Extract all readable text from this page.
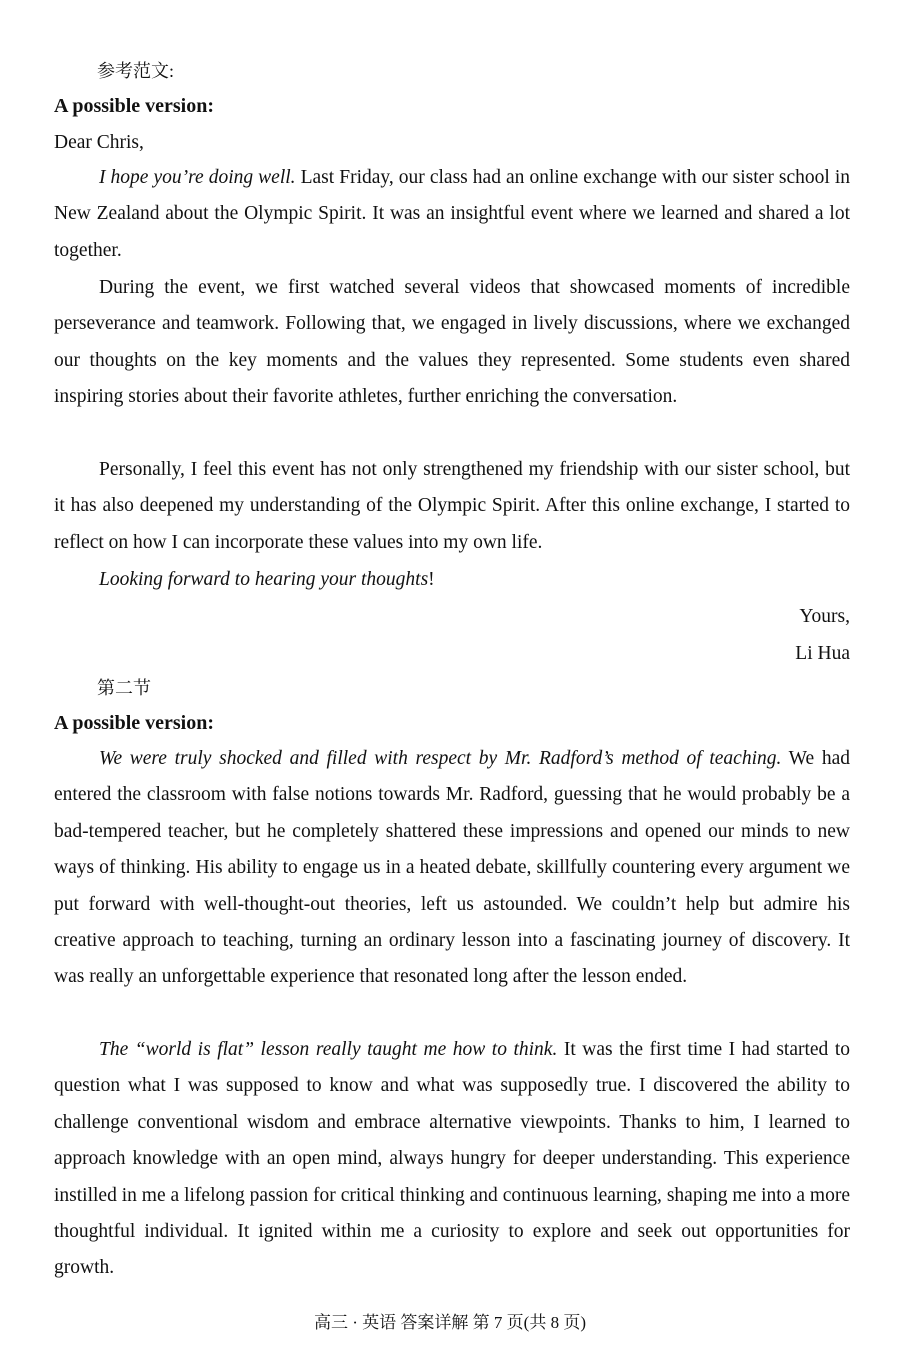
参考范文:
A possible version:
Dear Chris,
I hope you’re doing well. Last Friday, our class had an online exchange with our sister school in New Zealand about the Olympic Spirit. It was an insightful event where we learned and shared a lot together.
During the event, we first watched several videos that showcased moments of incredible perseverance and teamwork. Following that, we engaged in lively discussions, where we exchanged our thoughts on the key moments and the values they represented. Some students even shared inspiring stories about their favorite athletes, further enriching the conversation.
Personally, I feel this event has not only strengthened my friendship with our sister school, but it has also deepened my understanding of the Olympic Spirit. After this online exchange, I started to reflect on how I can incorporate these values into my own life.
Looking forward to hearing your thoughts!
Yours,
Li Hua
第二节
A possible version:
We were truly shocked and filled with respect by Mr. Radford’s method of teaching. We had entered the classroom with false notions towards Mr. Radford, guessing that he would probably be a bad-tempered teacher, but he completely shattered these impressions and opened our minds to new ways of thinking. His ability to engage us in a heated debate, skillfully countering every argument we put forward with well-thought-out theories, left us astounded. We couldn’t help but admire his creative approach to teaching, turning an ordinary lesson into a fascinating journey of discovery. It was really an unforgettable experience that resonated long after the lesson ended.
The “world is flat” lesson really taught me how to think. It was the first time I had started to question what I was supposed to know and what was supposedly true. I discovered the ability to challenge conventional wisdom and embrace alternative viewpoints. Thanks to him, I learned to approach knowledge with an open mind, always hungry for deeper understanding. This experience instilled in me a lifelong passion for critical thinking and continuous learning, shaping me into a more thoughtful individual. It ignited within me a curiosity to explore and seek out opportunities for growth.
高三 · 英语 答案详解 第 7 页(共 8 页)
